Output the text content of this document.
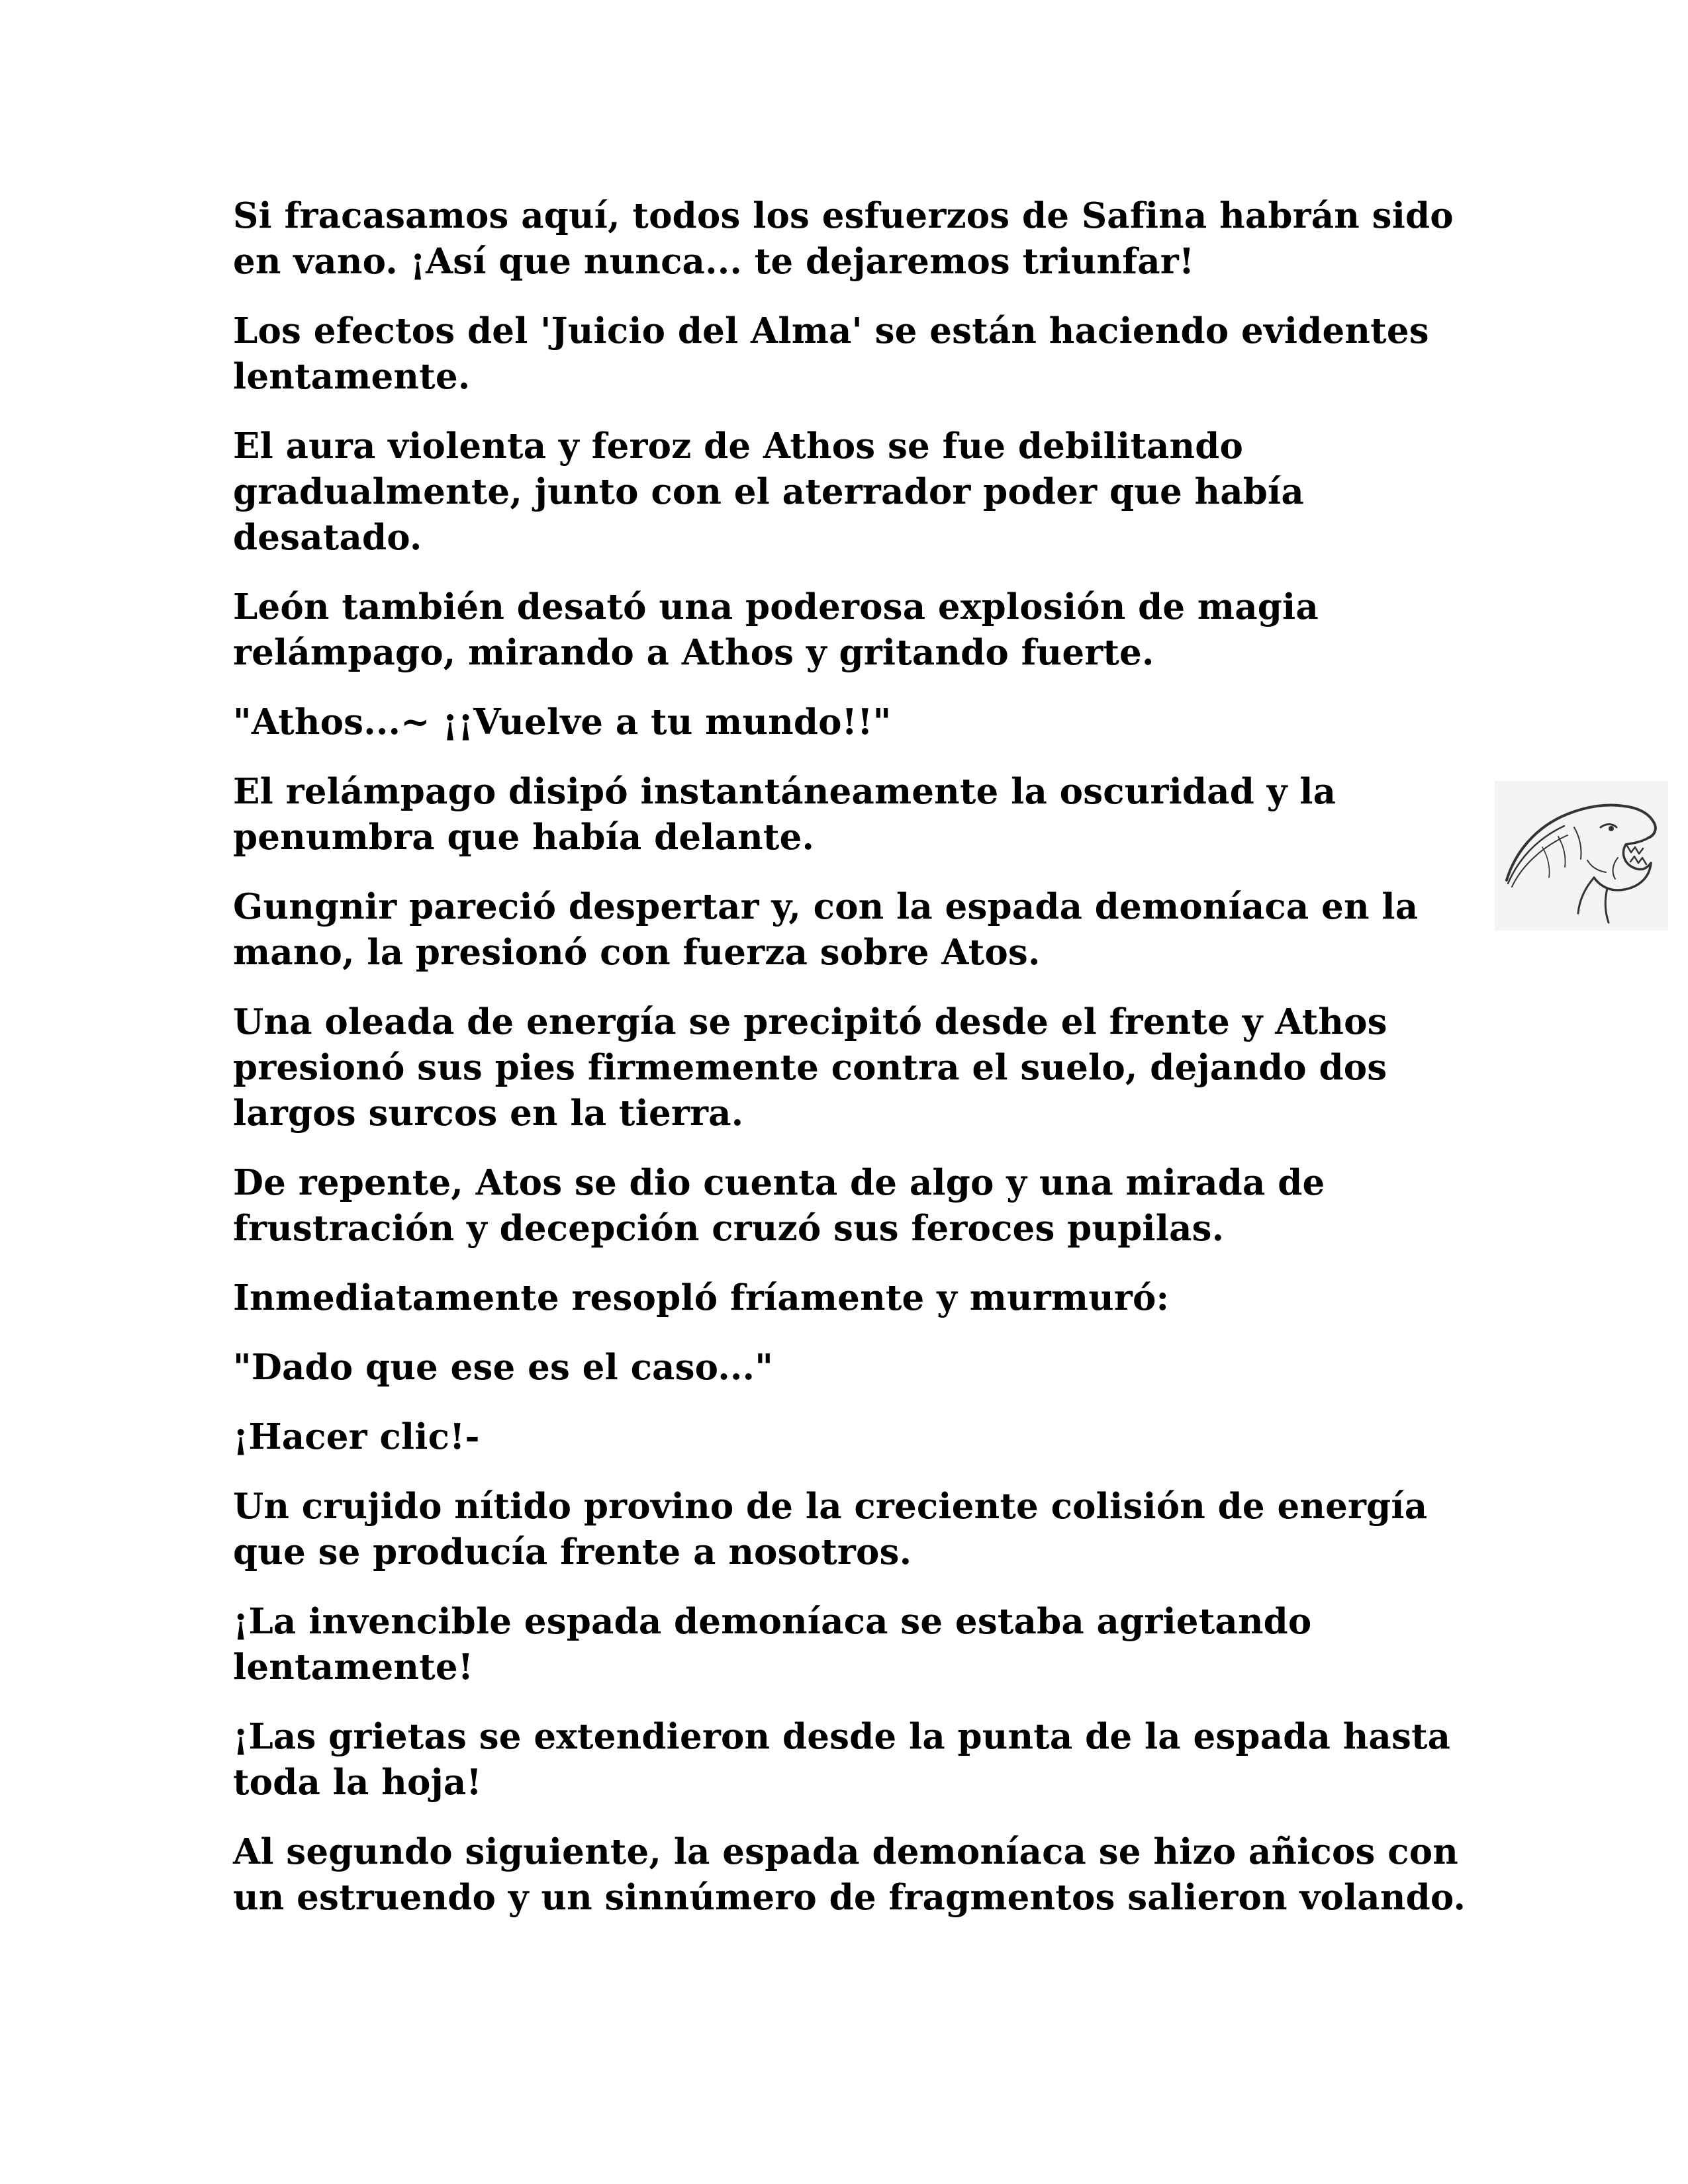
Si fracasamos aquí, todos los esfuerzos de Safina habrán sido
en vano. ¡Así que nunca... te dejaremos triunfar!

Los efectos del 'Juicio del Alma' se están haciendo evidentes
lentamente.

El aura violenta y feroz de Athos se fue debilitando
gradualmente, junto con el aterrador poder que había
desatado.

León también desató una poderosa explosión de magia
relámpago, mirando a Athos y gritando fuerte.

"Athos...~ ¡¡Vuelve a tu mundo!!"

El relámpago disipó instantáneamente la oscuridad y la
penumbra que había delante.

Gungnir pareció despertar y, con la espada demoníaca en la
mano, la presionó con fuerza sobre Atos.

Una oleada de energía se precipitó desde el frente y Athos
presionó sus pies firmemente contra el suelo, dejando dos
largos surcos en la tierra.

De repente, Atos se dio cuenta de algo y una mirada de
frustración y decepción cruzó sus feroces pupilas.

Inmediatamente resopló fríamente y murmuró:

"Dado que ese es el caso..."

¡Hacer clic!-

Un crujido nítido provino de la creciente colisión de energía
que se producía frente a nosotros.

¡La invencible espada demoníaca se estaba agrietando
lentamente!

¡Las grietas se extendieron desde la punta de la espada hasta
toda la hoja!

Al segundo siguiente, la espada demoníaca se hizo añicos con
un estruendo y un sinnúmero de fragmentos salieron volando.
